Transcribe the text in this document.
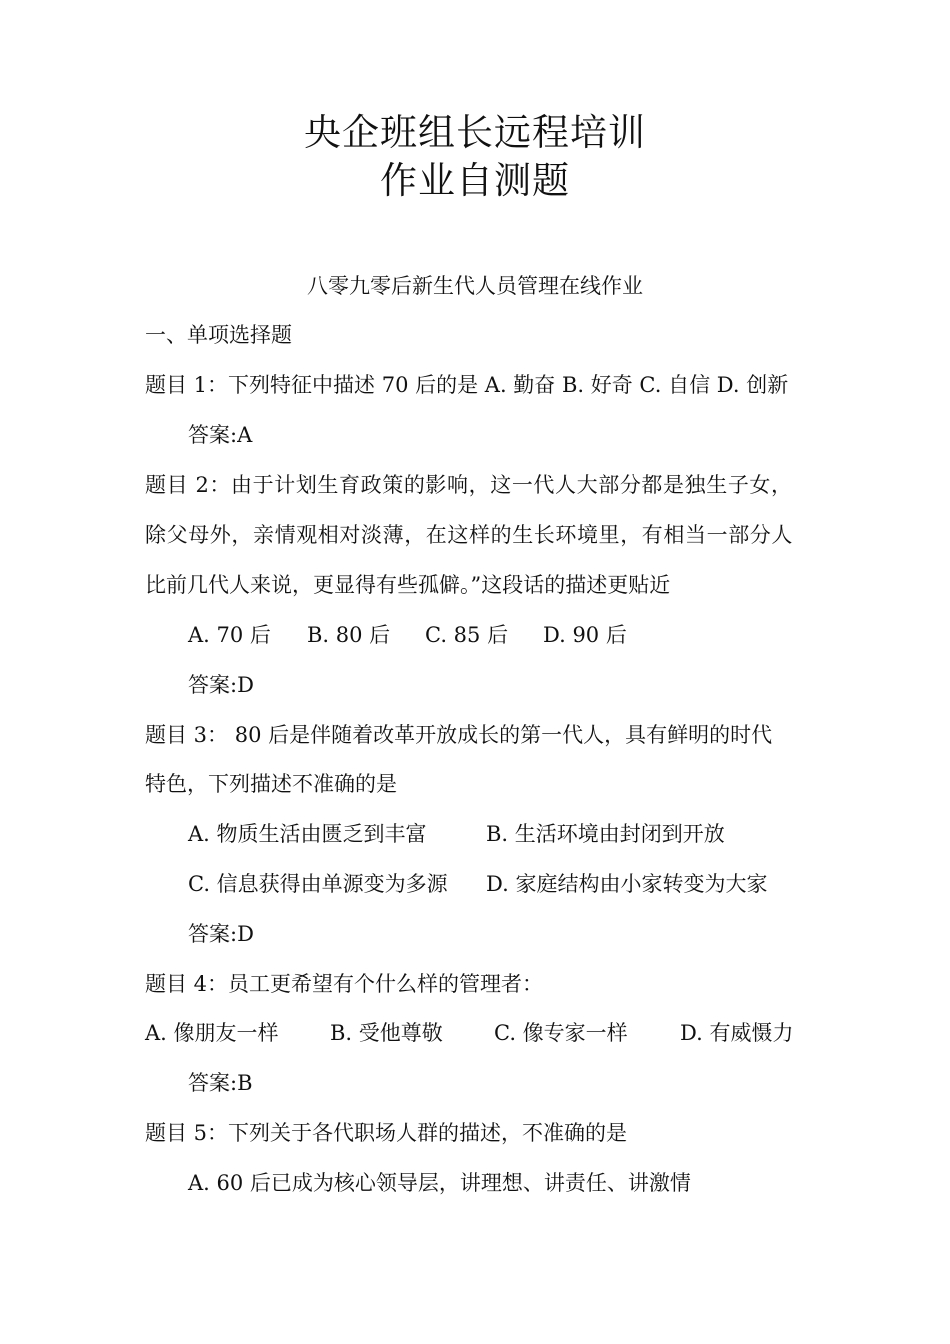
央企班组长远程培训
作业自测题
八零九零后新生代人员管理在线作业
一、单项选择题
题目 1：下列特征中描述 70 后的是 A. 勤奋 B. 好奇 C. 自信 D. 创新
答案:A
题目 2：由于计划生育政策的影响，这一代人大部分都是独生子女，
除父母外，亲情观相对淡薄，在这样的生长环境里，有相当一部分人
比前几代人来说，更显得有些孤僻。”这段话的描述更贴近
A. 70 后 B. 80 后 C. 85 后 D. 90 后
答案:D
题目 3： 80 后是伴随着改革开放成长的第一代人，具有鲜明的时代
特色，下列描述不准确的是
A. 物质生活由匮乏到丰富	B. 生活环境由封闭到开放
C. 信息获得由单源变为多源 D. 家庭结构由小家转变为大家
答案:D
题目 4：员工更希望有个什么样的管理者：
A. 像朋友一样 B. 受他尊敬 C. 像专家一样 D. 有威慑力
答案:B
题目 5：下列关于各代职场人群的描述，不准确的是
A. 60 后已成为核心领导层，讲理想、讲责任、讲激情
